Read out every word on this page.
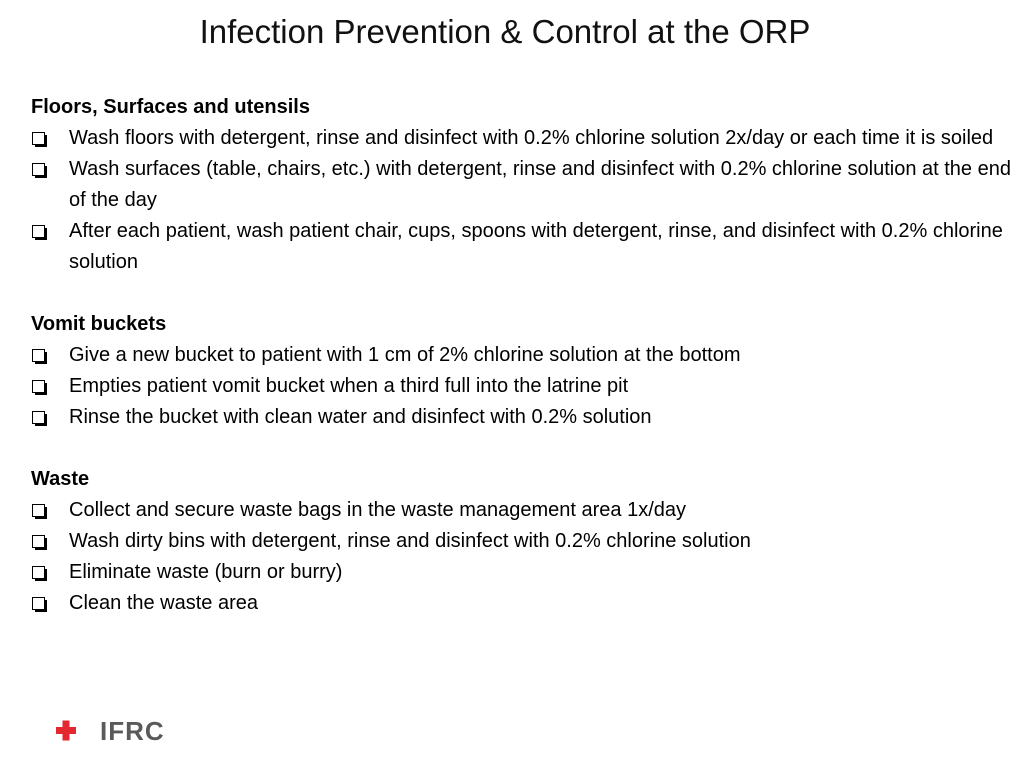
Infection Prevention & Control at the ORP
Floors, Surfaces and utensils
Wash floors with detergent, rinse and disinfect with 0.2% chlorine solution 2x/day or each time it is soiled
Wash surfaces (table, chairs, etc.) with detergent, rinse and disinfect with 0.2% chlorine solution at the end of the day
After each patient, wash patient chair, cups, spoons with detergent, rinse, and disinfect with 0.2% chlorine solution
Vomit buckets
Give a new bucket to patient with 1 cm of 2% chlorine solution at the bottom
Empties patient vomit bucket when a third full into the latrine pit
Rinse the bucket with clean water and disinfect with 0.2% solution
Waste
Collect and secure waste bags in the waste management area 1x/day
Wash dirty bins with detergent, rinse and disinfect with 0.2% chlorine solution
Eliminate waste (burn or burry)
Clean the waste area
IFRC
